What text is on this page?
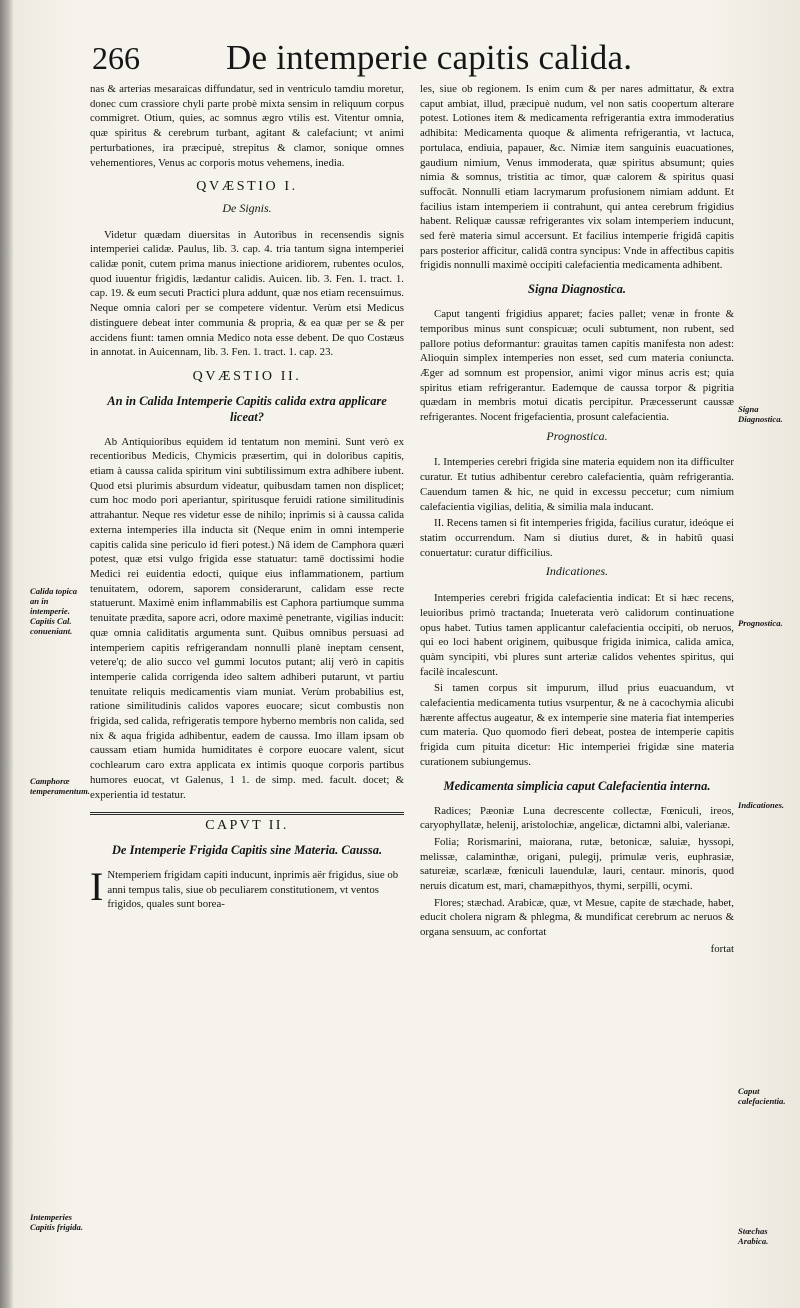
266 De intemperie capitis calida.

nas & arterias mesaraicas diffundatur, sed in ventriculo tamdiu moretur, donec cum crassiore chyli parte probè mixta sensim in reliquum corpus commigret. Otium, quies, ac somnus ægro vtilis est. Vitentur omnia, quæ spiritus & cerebrum turbant, agitant & calefaciunt; vt animi perturbationes, ira præcipuè, strepitus & clamor, sonique omnes vehementiores, Venus ac corporis motus vehemens, inedia.

QVÆSTIO I.
De Signis.

Videtur quædam diuersitas in Autoribus in recensendis signis intemperiei calidæ. Paulus, lib. 3. cap. 4. tria tantum signa intemperiei calidæ ponit, cutem prima manus iniectione aridiorem, rubentes oculos, quod iuuentur frigidis, lædantur calidis. Auicen. lib. 3. Fen. 1. tract. 1. cap. 19. & eum secuti Practici plura addunt, quæ nos etiam recensuimus. Neque omnia calori per se competere videntur. Verùm etsi Medicus distinguere debeat inter communia & propria, & ea quæ per se & per accidens fiunt: tamen omnia Medico nota esse debent. De quo Costæus in annotat. in Auicennam, lib. 3. Fen. 1. tract. 1. cap. 23.

QVÆSTIO II.
An in Calida Intemperie Capitis calida extra applicare liceat?

Ab Antiquioribus equidem id tentatum non memini. Sunt verò ex recentioribus Medicis, Chymicis præsertim, qui in doloribus capitis, etiam à caussa calida spiritum vini subtilissimum extra adhibere iubent. Quod etsi plurimis absurdum videatur, quibusdam tamen non displicet; cum hoc modo pori aperiantur, spiritusque feruidi ratione similitudinis attrahantur. Neque res videtur esse de nihilo; inprimis si à caussa calida externa intemperies illa inducta sit (Neque enim in omni intemperie capitis calida sine periculo id fieri potest.) Nâ idem de Camphora quæri potest, quæ etsi vulgo frigida esse statuatur: tamē doctissimi hodie Medici rei euidentia edocti, quique eius inflammationem, partium tenuitatem, odorem, saporem considerarunt, calidam esse recte statuerunt. Maximè enim inflammabilis est Caphora partiumque summa tenuitate prædita, sapore acri, odore maximè penetrante, vigilias inducit: quæ omnia caliditatis argumenta sunt. Quibus omnibus persuasi ad intemperiem capitis refrigerandam nonnulli planè ineptam censent, vetere'q; de alio succo vel gummi locutos putant; alij verò in capitis intemperie calida corrigenda ideo saltem adhiberi putarunt, vt partiu tenuitate reliquis medicamentis viam muniat. Verùm probabilius est, ratione similitudinis calidos vapores euocare; sicut combustis non frigida, sed calida, refrigeratis tempore hyberno membris non calida, sed nix & aqua frigida adhibentur, eadem de caussa. Imo illam ipsam ob caussam etiam humida humiditates è corpore euocare valent, sicut cochlearum caro extra applicata ex intimis quoque corporis partibus humores euocat, vt Galenus, 1 1. de simp. med. facult. docet; & experientia id testatur.

CAPVT II.
De Intemperie Frigida Capitis sine Materia. Caussa.
I Ntemperiem frigidam capiti inducunt, inprimis aër frigidus, siue ob anni tempus talis, siue ob peculiarem constitutionem, vt ventos frigidos, quales sunt borea-

les, siue ob regionem. Is enim cum & per nares admittatur, & extra caput ambiat, illud, præcipuè nudum, vel non satis coopertum alterare potest. Lotiones item & medicamenta refrigerantia extra immoderatius adhibita: Medicamenta quoque & alimenta refrigerantia, vt lactuca, portulaca, endiuia, papauer, &c. Nimiæ item sanguinis euacuationes, gaudium nimium, Venus immoderata, quæ spiritus absumunt; quies nimia & somnus, tristitia ac timor, quæ calorem & spiritus quasi suffocāt. Nonnulli etiam lacrymarum profusionem nimiam addunt. Et facilius istam intemperiem ii contrahunt, qui antea cerebrum frigidius habent. Reliquæ caussæ refrigerantes vix solam intemperiem inducunt, sed ferè materia simul accersunt. Et facilius intemperie frigidâ capitis pars posterior afficitur, calidâ contra syncipus: Vnde in affectibus capitis frigidis nonnulli maximè occipiti calefacientia medicamenta adhibent.

Signa Diagnostica.

Caput tangenti frigidius apparet; facies pallet; venæ in fronte & temporibus minus sunt conspicuæ; oculi subtument, non rubent, sed pallore potius deformantur: grauitas tamen capitis manifesta non adest: Alioquin simplex intemperies non esset, sed cum materia coniuncta. Æger ad somnum est propensior, animi vigor minus acris est; quia spiritus etiam refrigerantur. Eademque de caussa torpor & pigritia quædam in membris motui dicatis percipitur. Præcesserunt caussæ refrigerantes. Nocent frigefacientia, prosunt calefacientia.

Prognostica.

I. Intemperies cerebri frigida sine materia equidem non ita difficulter curatur. Et tutius adhibentur cerebro calefacientia, quàm refrigerantia. Cauendum tamen & hic, ne quid in excessu peccetur; cum nimium calefacientia vigilias, delitia, & similia mala inducant.

II. Recens tamen si fit intemperies frigida, facilius curatur, ideóque ei statim occurrendum. Nam si diutius duret, & in habitū quasi conuertatur: curatur difficilius.

Indicationes.

Intemperies cerebri frigida calefacientia indicat: Et si hæc recens, leuioribus primò tractanda; Inueterata verò calidorum continuatione opus habet. Tutius tamen applicantur calefacientia occipiti, ob neruos, qui eo loci habent originem, quibusque frigida inimica, calida amica, quàm syncipiti, vbi plures sunt arteriæ calidos vehentes spiritus, qui facilè incalescunt.

Si tamen corpus sit impurum, illud prius euacuandum, vt calefacientia medicamenta tutius vsurpentur, & ne à cacochymia alicubi hærente affectus augeatur, & ex intemperie sine materia fiat intemperies cum materia. Quo quomodo fieri debeat, postea de intemperie capitis frigida cum pituita dicetur: Hic intemperiei frigidæ sine materia curationem subiungemus.

Medicamenta simplicia caput Calefacientia interna.

Radices; Pæoniæ Luna decrescente collectæ, Fœniculi, ireos, caryophyllatæ, helenij, aristolochiæ, angelicæ, dictamni albi, valerianæ.

Folia; Rorismarini, maiorana, rutæ, betonicæ, saluiæ, hyssopi, melissæ, calaminthæ, origani, pulegij, primulæ veris, euphrasiæ, satureiæ, scarlææ, fœniculi lauendulæ, lauri, centaur. minoris, quod neruis dicatum est, mari, chamæpithyos, thymi, serpilli, ocymi.

Flores; stæchad. Arabicæ, quæ, vt Mesue, capite de stæchade, habet, educit cholera nigram & phlegma, & mundificat cerebrum ac neruos & organa sensuum, ac confortat

fortat
Calida topica an in intemperie. Capitis Cal. conueniant.
Camphoræ temperamentum.
Intemperies Capitis frigida.
Signa Diagnostica.
Prognostica.
Indicationes.
Caput calefacientia.
Stœchas Arabica.
